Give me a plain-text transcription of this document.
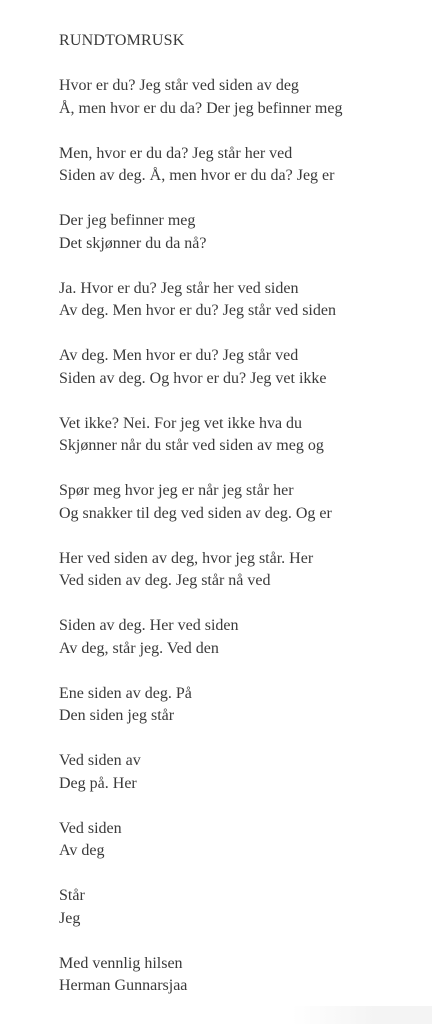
RUNDTOMRUSK

Hvor er du? Jeg står ved siden av deg
Å, men hvor er du da? Der jeg befinner meg

Men, hvor er du da? Jeg står her ved
Siden av deg. Å, men hvor er du da? Jeg er

Der jeg befinner meg
Det skjønner du da nå?

Ja. Hvor er du? Jeg står her ved siden
Av deg. Men hvor er du? Jeg står ved siden

Av deg. Men hvor er du? Jeg står ved
Siden av deg. Og hvor er du? Jeg vet ikke

Vet ikke? Nei. For jeg vet ikke hva du
Skjønner når du står ved siden av meg og

Spør meg hvor jeg er når jeg står her
Og snakker til deg ved siden av deg. Og er

Her ved siden av deg, hvor jeg står. Her
Ved siden av deg. Jeg står nå ved

Siden av deg. Her ved siden
Av deg, står jeg. Ved den

Ene siden av deg. På
Den siden jeg står

Ved siden av
Deg på. Her

Ved siden
Av deg

Står
Jeg

Med vennlig hilsen
Herman Gunnarsjaa
